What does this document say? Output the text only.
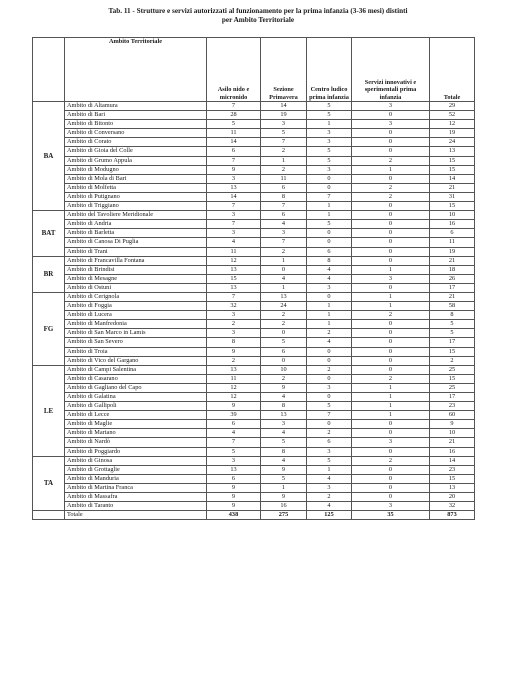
Tab. 11 - Strutture e servizi autorizzati al funzionamento per la prima infanzia (3-36 mesi) distinti
per Ambito Territoriale
	Ambito Territoriale	Asilo nido e micronido	Sezione Primavera	Centro ludico prima infanzia	Servizi innovativi e sperimentali prima infanzia	Totale
BA	Ambito di Altamura	7	14	5	3	29
	Ambito di Bari	28	19	5	0	52
	Ambito di Bitonto	5	3	1	3	12
	Ambito di Conversano	11	5	3	0	19
	Ambito di Corato	14	7	3	0	24
	Ambito di Gioia del Colle	6	2	5	0	13
	Ambito di Grumo Appula	7	1	5	2	15
	Ambito di Modugno	9	2	3	1	15
	Ambito di Mola di Bari	3	11	0	0	14
	Ambito di Molfetta	13	6	0	2	21
	Ambito di Putignano	14	8	7	2	31
	Ambito di Triggiano	7	7	1	0	15
BAT	Ambito del Tavoliere Meridionale	3	6	1	0	10
	Ambito di Andria	7	4	5	0	16
	Ambito di Barletta	3	3	0	0	6
	Ambito di Canosa Di Puglia	4	7	0	0	11
	Ambito di Trani	11	2	6	0	19
BR	Ambito di Francavilla Fontana	12	1	8	0	21
	Ambito di Brindisi	13	0	4	1	18
	Ambito di Mesagne	15	4	4	3	26
	Ambito di Ostuni	13	1	3	0	17
FG	Ambito di Cerignola	7	13	0	1	21
	Ambito di Foggia	32	24	1	1	58
	Ambito di Lucera	3	2	1	2	8
	Ambito di Manfredonia	2	2	1	0	5
	Ambito di San Marco in Lamis	3	0	2	0	5
	Ambito di San Severo	8	5	4	0	17
	Ambito di Troia	9	6	0	0	15
	Ambito di Vico del Gargano	2	0	0	0	2
LE	Ambito di Campi Salentina	13	10	2	0	25
	Ambito di Casarano	11	2	0	2	15
	Ambito di Gagliano del Capo	12	9	3	1	25
	Ambito di Galatina	12	4	0	1	17
	Ambito di Gallipoli	9	8	5	1	23
	Ambito di Lecce	39	13	7	1	60
	Ambito di Maglie	6	3	0	0	9
	Ambito di Martano	4	4	2	0	10
	Ambito di Nardò	7	5	6	3	21
	Ambito di Poggiardo	5	8	3	0	16
TA	Ambito di Ginosa	3	4	5	2	14
	Ambito di Grottaglie	13	9	1	0	23
	Ambito di Manduria	6	5	4	0	15
	Ambito di Martina Franca	9	1	3	0	13
	Ambito di Massafra	9	9	2	0	20
	Ambito di Taranto	9	16	4	3	32
	Totale	438	275	125	35	873
